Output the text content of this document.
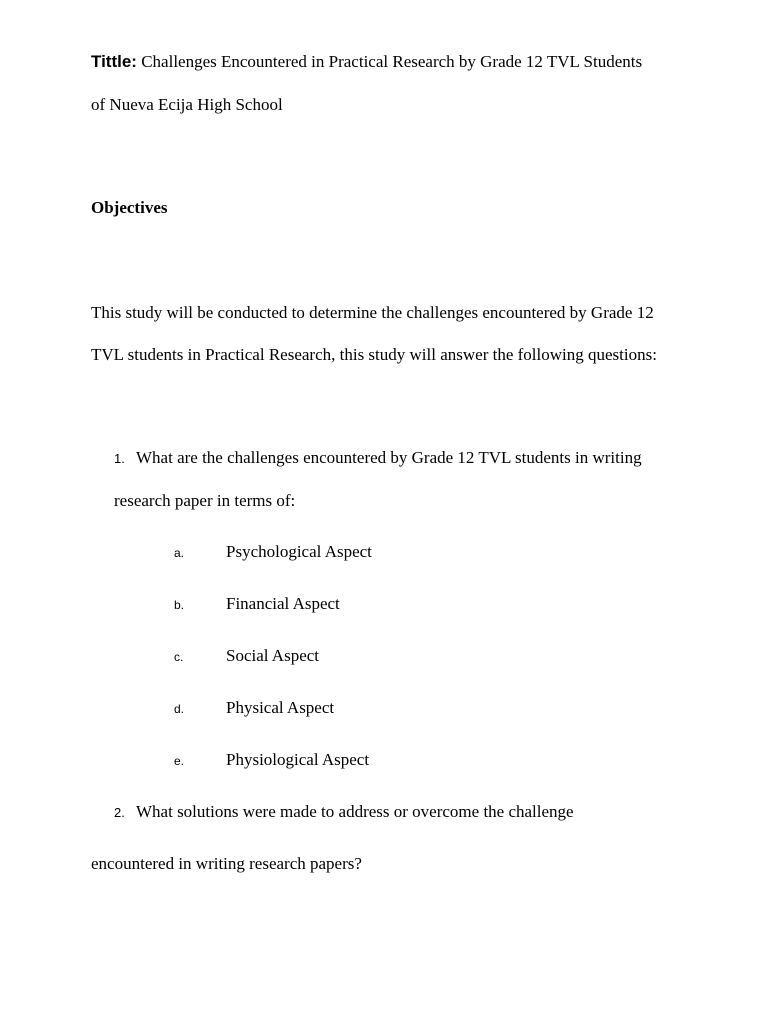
Tittle: Challenges Encountered in Practical Research by Grade 12 TVL Students
of Nueva Ecija High School
Objectives
This study will be conducted to determine the challenges encountered by Grade 12
TVL students in Practical Research, this study will answer the following questions:
1. What are the challenges encountered by Grade 12 TVL students in writing
research paper in terms of:
a. Psychological Aspect
b. Financial Aspect
c.	Social Aspect
d. Physical Aspect
e. Physiological Aspect
2. What solutions were made to address or overcome the challenge
encountered in writing research papers?
